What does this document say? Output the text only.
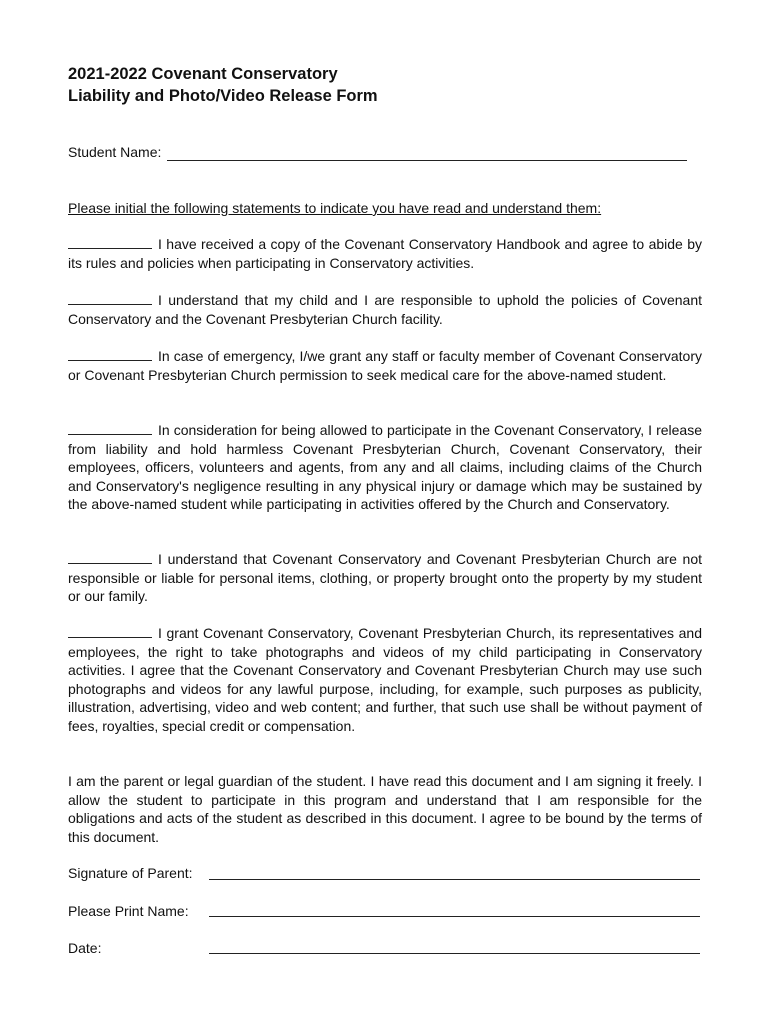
2021-2022 Covenant Conservatory
Liability and Photo/Video Release Form
Student Name:
Please initial the following statements to indicate you have read and understand them:
I have received a copy of the Covenant Conservatory Handbook and agree to abide by its rules and policies when participating in Conservatory activities.
I understand that my child and I are responsible to uphold the policies of Covenant Conservatory and the Covenant Presbyterian Church facility.
In case of emergency, I/we grant any staff or faculty member of Covenant Conservatory or Covenant Presbyterian Church permission to seek medical care for the above-named student.
In consideration for being allowed to participate in the Covenant Conservatory, I release from liability and hold harmless Covenant Presbyterian Church, Covenant Conservatory, their employees, officers, volunteers and agents, from any and all claims, including claims of the Church and Conservatory's negligence resulting in any physical injury or damage which may be sustained by the above-named student while participating in activities offered by the Church and Conservatory.
I understand that Covenant Conservatory and Covenant Presbyterian Church are not responsible or liable for personal items, clothing, or property brought onto the property by my student or our family.
I grant Covenant Conservatory, Covenant Presbyterian Church, its representatives and employees, the right to take photographs and videos of my child participating in Conservatory activities. I agree that the Covenant Conservatory and Covenant Presbyterian Church may use such photographs and videos for any lawful purpose, including, for example, such purposes as publicity, illustration, advertising, video and web content; and further, that such use shall be without payment of fees, royalties, special credit or compensation.
I am the parent or legal guardian of the student. I have read this document and I am signing it freely. I allow the student to participate in this program and understand that I am responsible for the obligations and acts of the student as described in this document. I agree to be bound by the terms of this document.
Signature of Parent:
Please Print Name:
Date:
